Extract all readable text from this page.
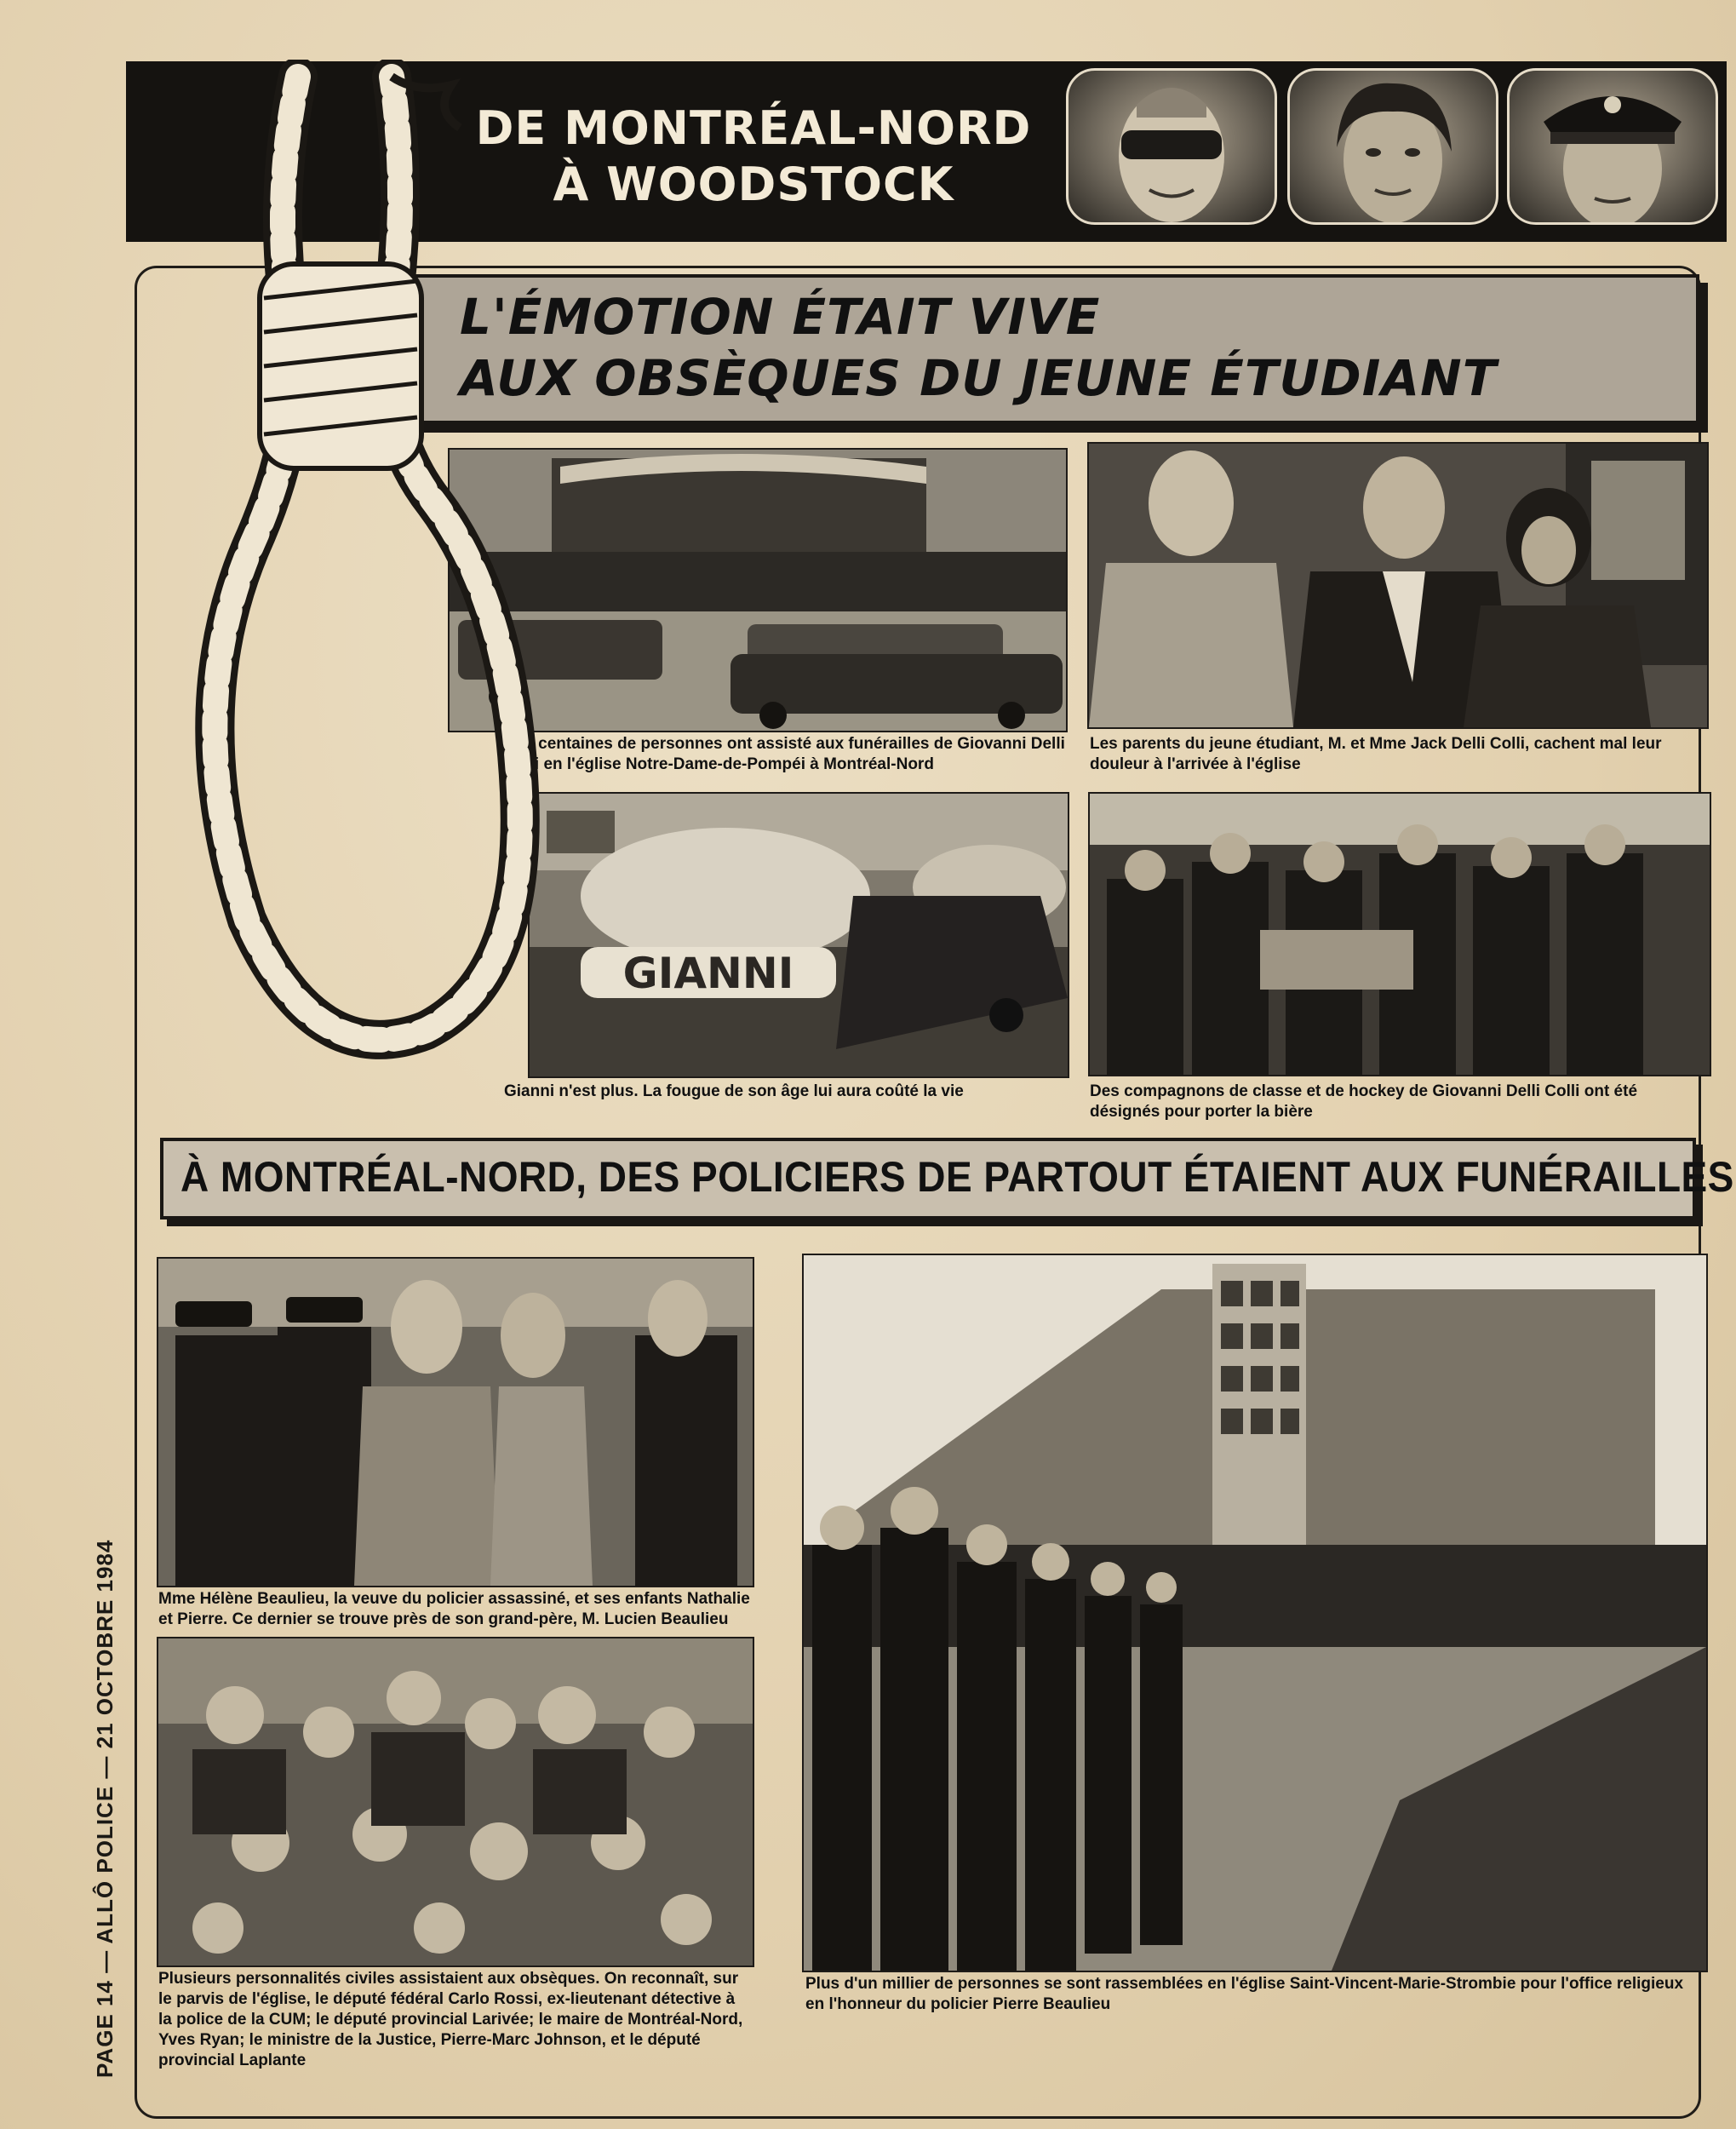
DE MONTRÉAL-NORD
À WOODSTOCK
L'ÉMOTION ÉTAIT VIVE
AUX OBSÈQUES DU JEUNE ÉTUDIANT
Des centaines de personnes ont assisté aux funérailles de Giovanni Delli Colli en l'église Notre-Dame-de-Pompéi à Montréal-Nord
Les parents du jeune étudiant, M. et Mme Jack Delli Colli, cachent mal leur douleur à l'arrivée à l'église
GIANNI
Gianni n'est plus. La fougue de son âge lui aura coûté la vie	Des compagnons de classe et de hockey de Giovanni Delli Colli ont été désignés pour porter la bière
À MONTRÉAL-NORD, DES POLICIERS DE PARTOUT ÉTAIENT AUX FUNÉRAILLES
Mme Hélène Beaulieu, la veuve du policier assassiné, et ses enfants Nathalie et Pierre. Ce dernier se trouve près de son grand-père, M. Lucien Beaulieu
Plusieurs personnalités civiles assistaient aux obsèques. On reconnaît, sur le parvis de l'église, le député fédéral Carlo Rossi, ex-lieutenant détective à la police de la CUM; le député provincial Larivée; le maire de Montréal-Nord, Yves Ryan; le ministre de la Justice, Pierre-Marc Johnson, et le député provincial Laplante
Plus d'un millier de personnes se sont rassemblées en l'église Saint-Vincent-Marie-Strombie pour l'office religieux en l'honneur du policier Pierre Beaulieu
PAGE 14 — ALLÔ POLICE — 21 OCTOBRE 1984
